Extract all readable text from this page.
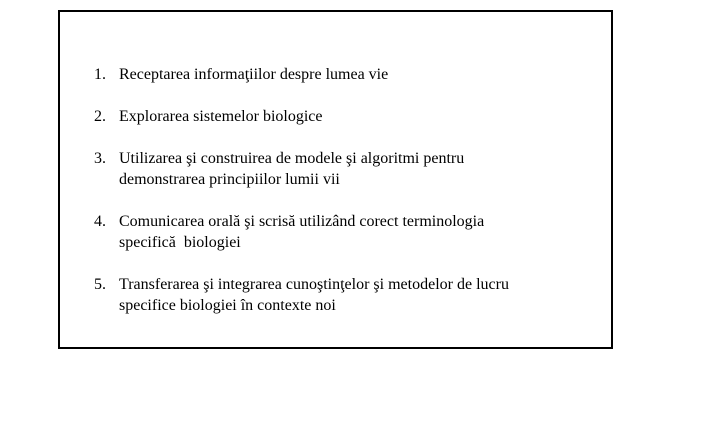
1. Receptarea informaţiilor despre lumea vie
2. Explorarea sistemelor biologice
3. Utilizarea şi construirea de modele şi algoritmi pentru
demonstrarea principiilor lumii vii
4. Comunicarea orală şi scrisă utilizând corect terminologia
specifică  biologiei
5. Transferarea şi integrarea cunoştinţelor şi metodelor de lucru
specifice biologiei în contexte noi
